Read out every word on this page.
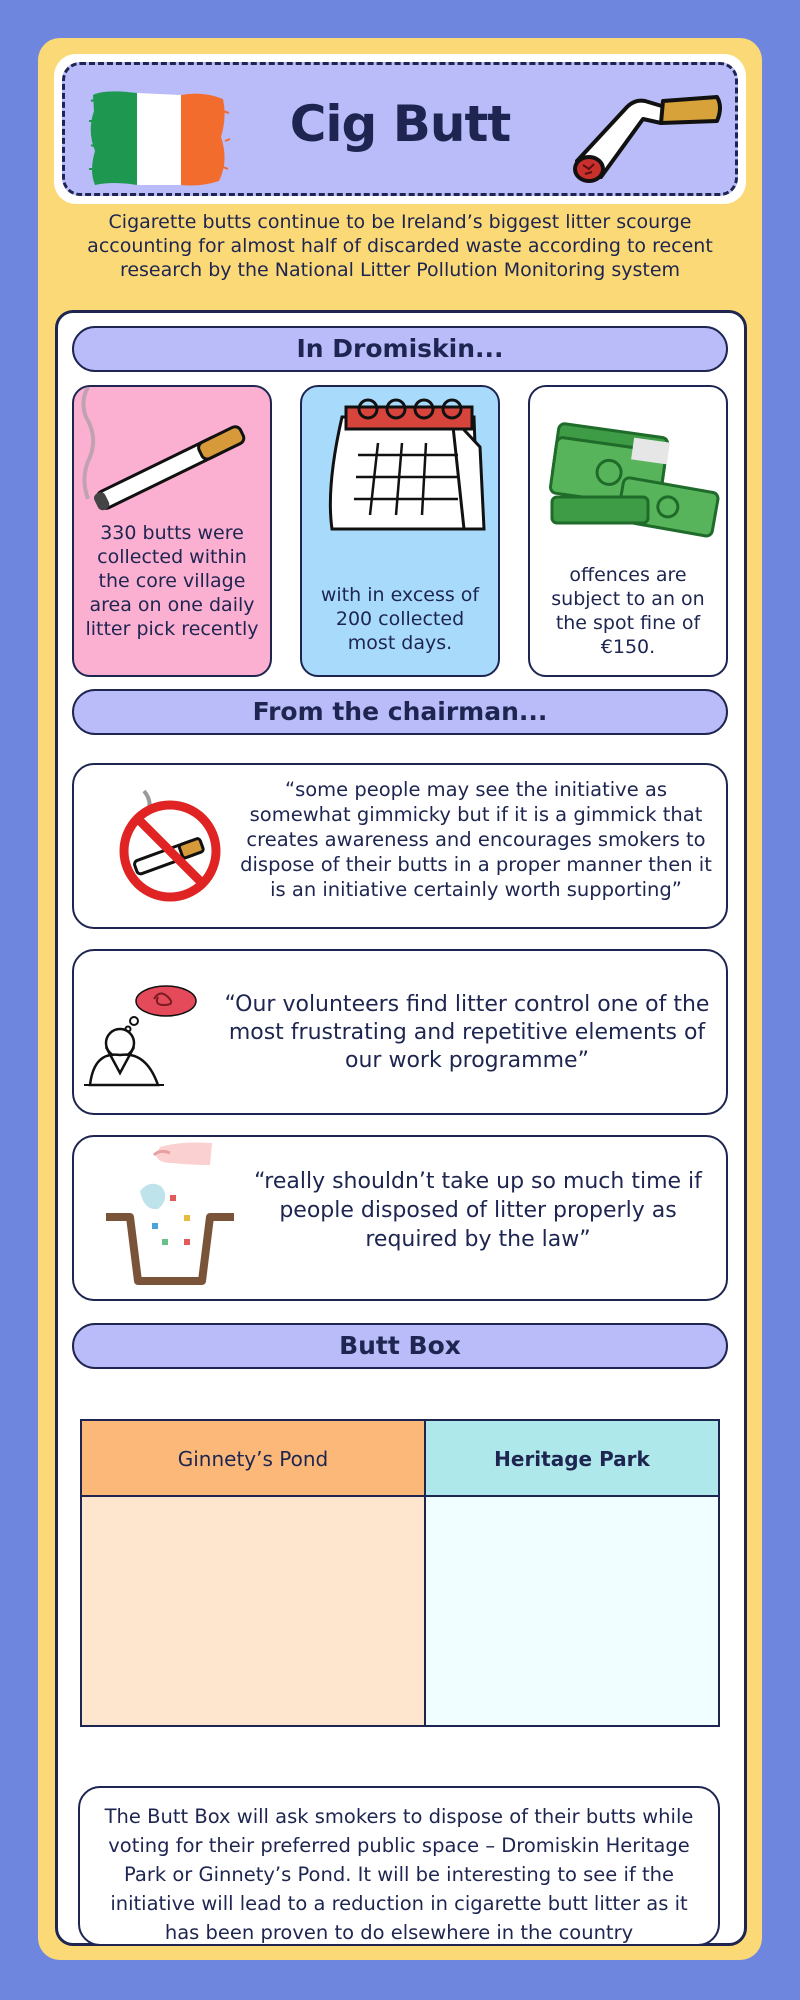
Cig Butt
Cigarette butts continue to be Ireland’s biggest litter scourge accounting for almost half of discarded waste according to recent research by the National Litter Pollution Monitoring system
In Dromiskin...
330 butts were collected within the core village area on one daily litter pick recently
with in excess of 200 collected most days.
offences are subject to an on the spot fine of €150.
From the chairman...
“some people may see the initiative as somewhat gimmicky but if it is a gimmick that creates awareness and encourages smokers to dispose of their butts in a proper manner then it is an initiative certainly worth supporting”
“Our volunteers find litter control one of the most frustrating and repetitive elements of our work programme”
“really shouldn’t take up so much time if people disposed of litter properly as required by the law”
Butt Box
Ginnety’s Pond	Heritage Park
The Butt Box will ask smokers to dispose of their butts while voting for their preferred public space – Dromiskin Heritage Park or Ginnety’s Pond. It will be interesting to see if the initiative will lead to a reduction in cigarette butt litter as it has been proven to do elsewhere in the country
